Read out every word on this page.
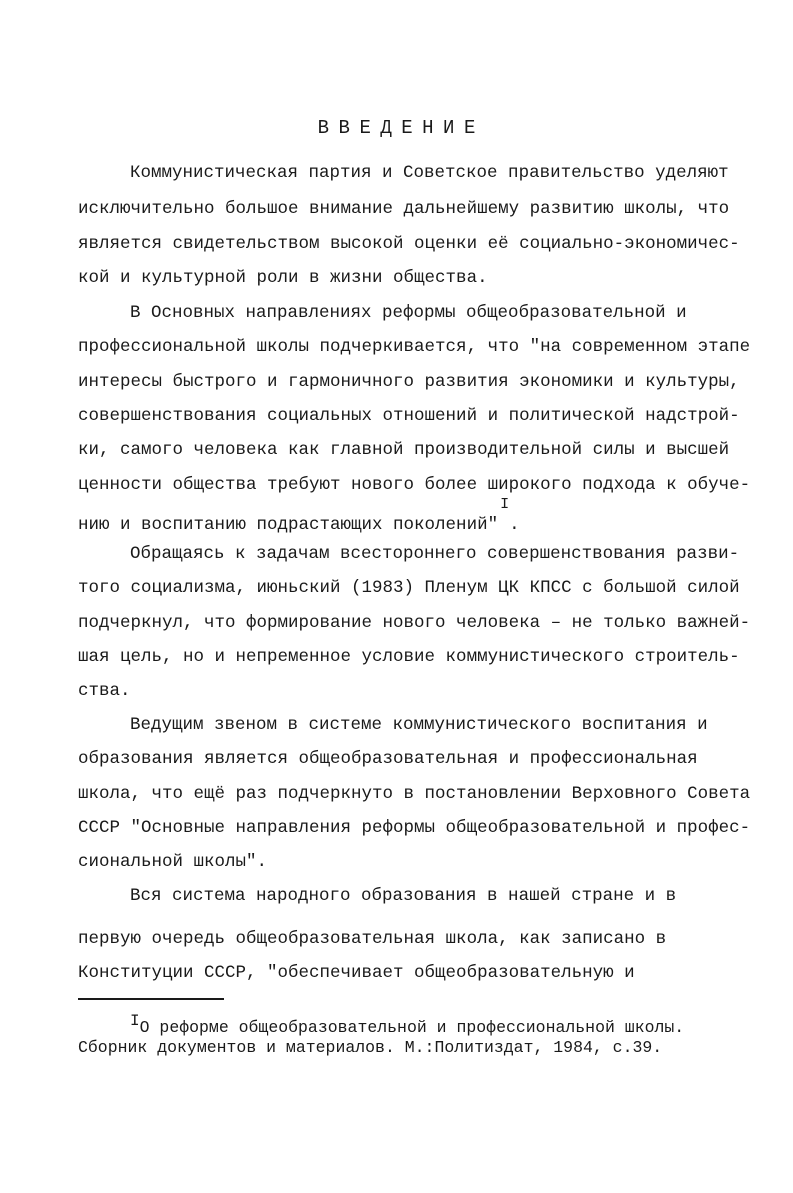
ВВЕДЕНИЕ
Коммунистическая партия и Советское правительство уделяют
исключительно большое внимание дальнейшему развитию школы, что
является свидетельством высокой оценки её социально-экономичес-
кой и культурной роли в жизни общества.
В Основных направлениях реформы общеобразовательной и
профессиональной школы подчеркивается, что "на современном этапе
интересы быстрого и гармоничного развития экономики и культуры,
совершенствования социальных отношений и политической надстрой-
ки, самого человека как главной производительной силы и высшей
ценности общества требуют нового более широкого подхода к обуче-
нию и воспитанию подрастающих поколений"$^I$.
Обращаясь к задачам всестороннего совершенствования разви-
того социализма, июньский (1983) Пленум ЦК КПСС с большой силой
подчеркнул, что формирование нового человека – не только важней-
шая цель, но и непременное условие коммунистического строитель-
ства.
Ведущим звеном в системе коммунистического воспитания и
образования является общеобразовательная и профессиональная
школа, что ещё раз подчеркнуто в постановлении Верховного Совета
СССР "Основные направления реформы общеобразовательной и профес-
сиональной школы".
Вся система народного образования в нашей стране и в
первую очередь общеобразовательная школа, как записано в
Конституции СССР, "обеспечивает общеобразовательную и
IО реформе общеобразовательной и профессиональной школы.
Сборник документов и материалов. М.:Политиздат, 1984, с.39.
